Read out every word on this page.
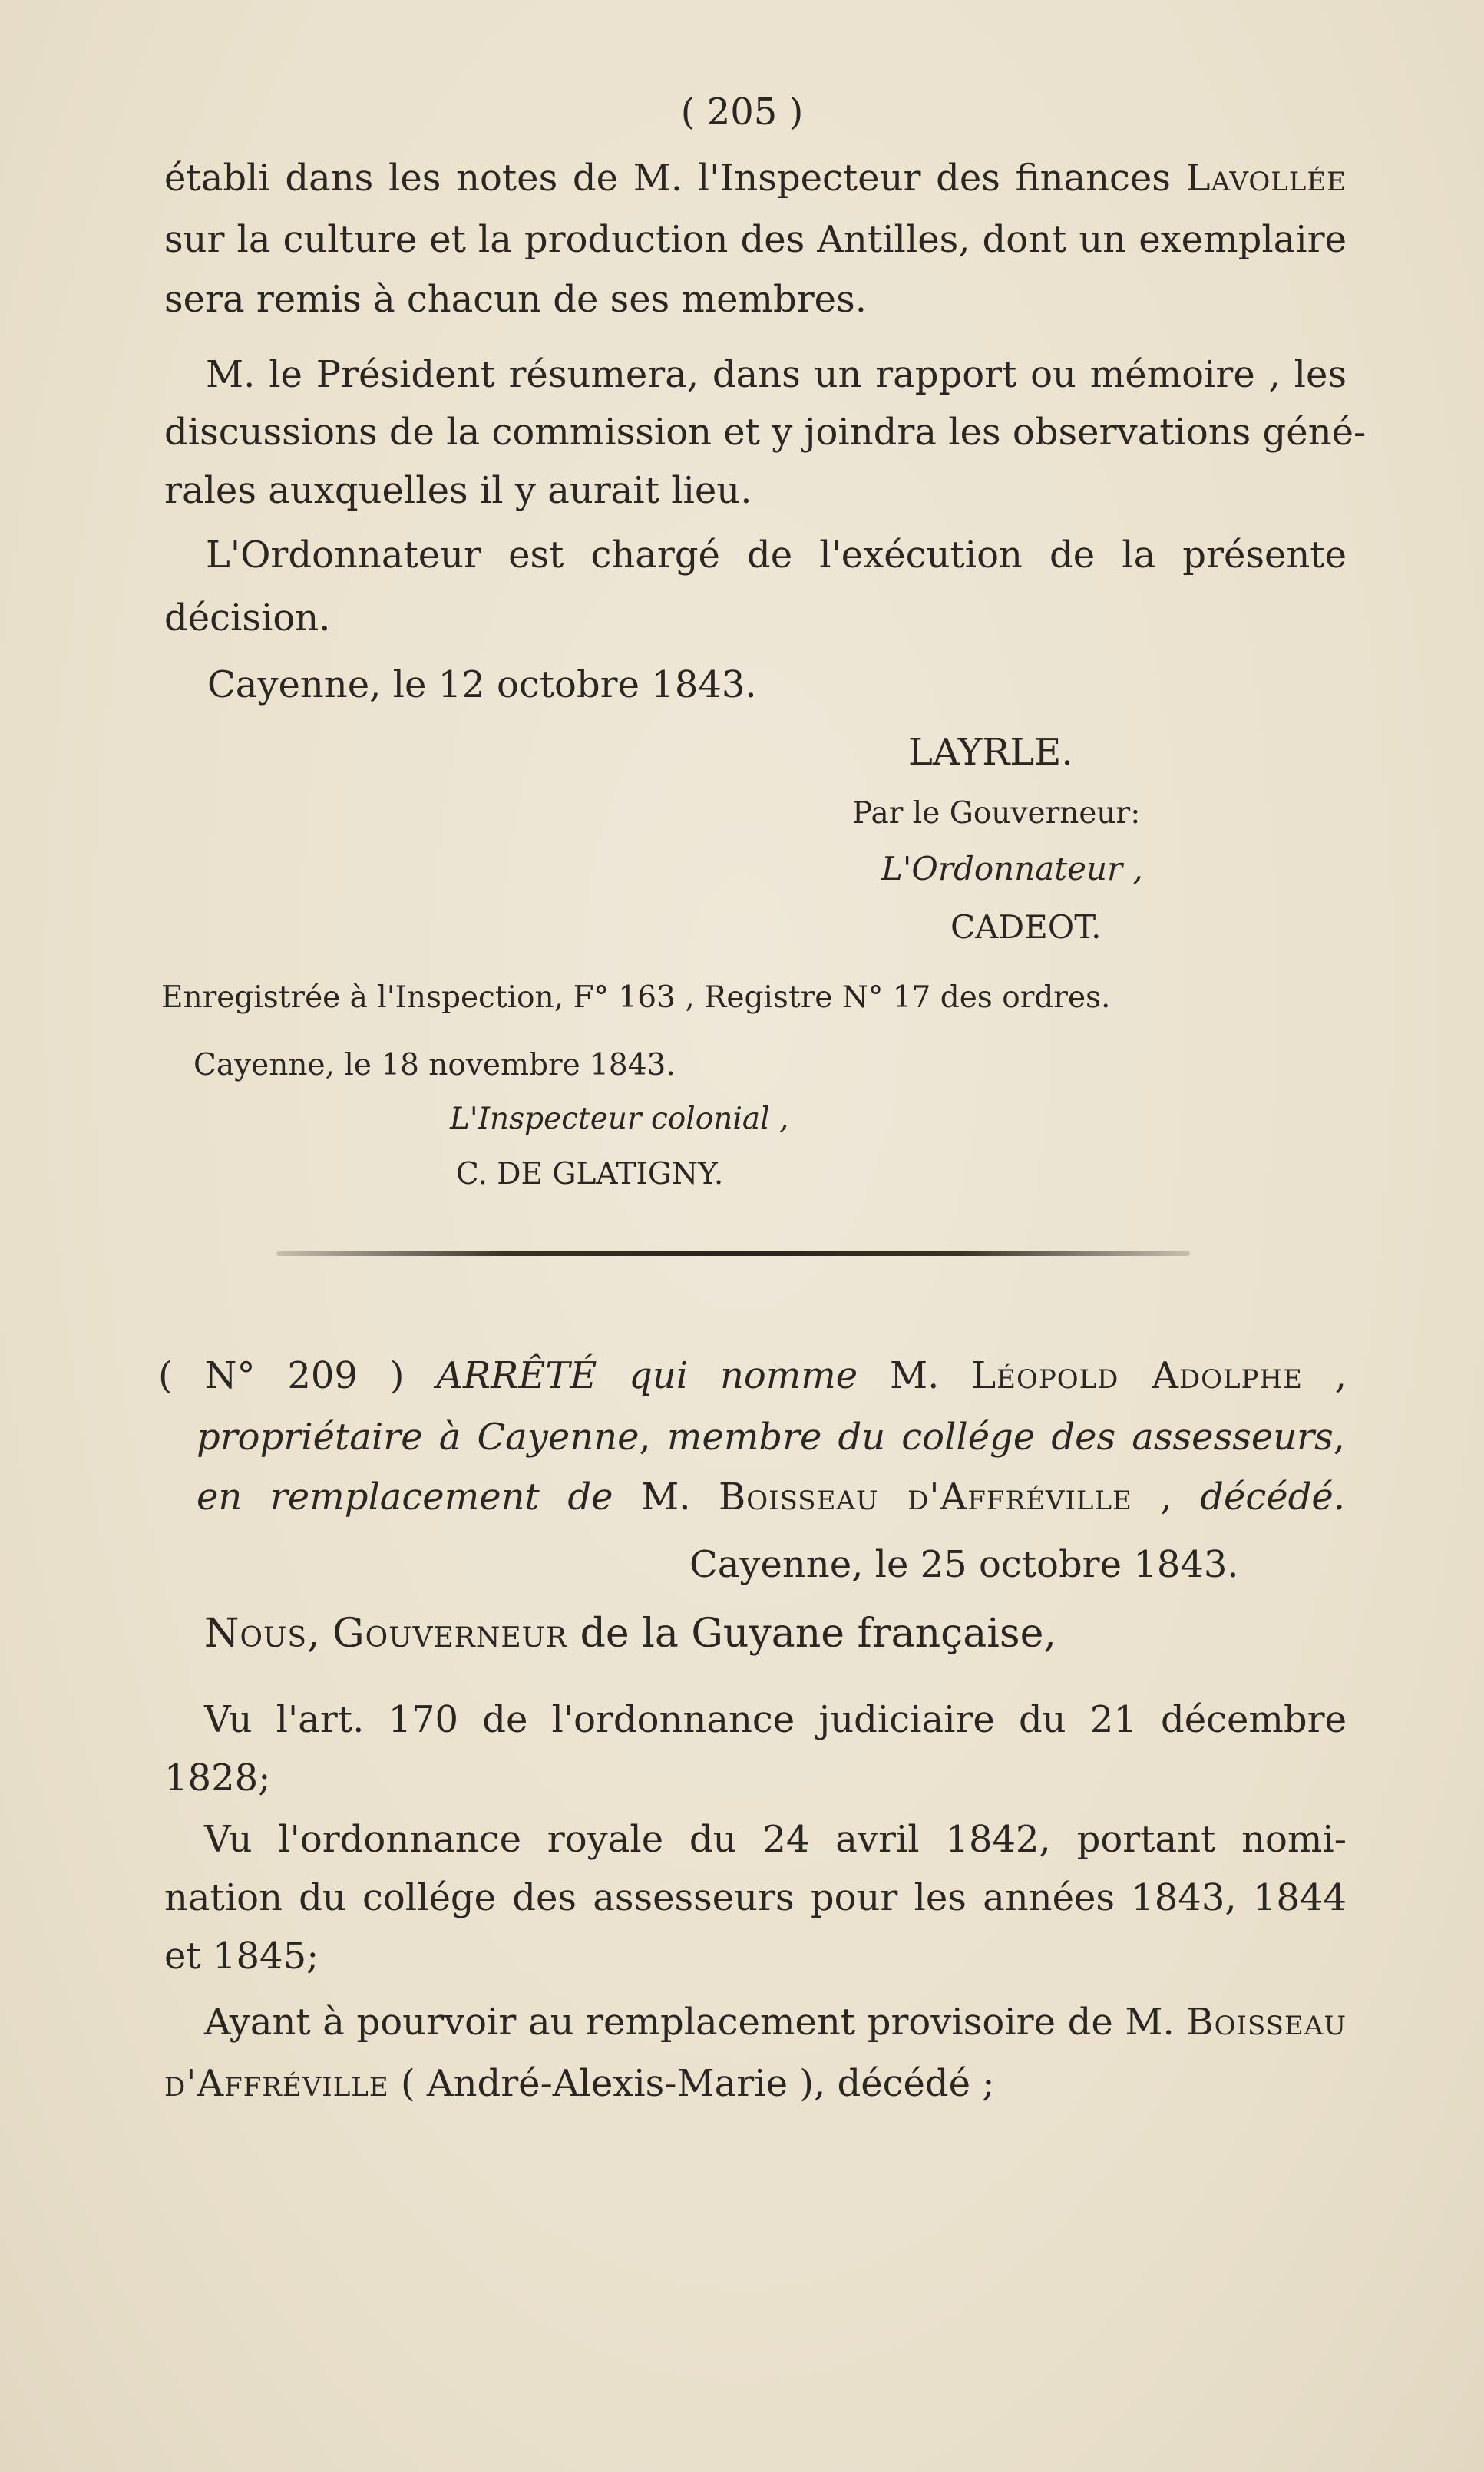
( 205 )
établi dans les notes de M. l'Inspecteur des finances Lavollée
sur la culture et la production des Antilles, dont un exemplaire
sera remis à chacun de ses membres.
M. le Président résumera, dans un rapport ou mémoire , les
discussions de la commission et y joindra les observations géné-
rales auxquelles il y aurait lieu.
L'Ordonnateur est chargé de l'exécution de la présente
décision.
Cayenne, le 12 octobre 1843.
LAYRLE.
Par le Gouverneur:
L'Ordonnateur ,
CADEOT.
Enregistrée à l'Inspection, F° 163 , Registre N° 17 des ordres.
Cayenne, le 18 novembre 1843.
L'Inspecteur colonial ,
C. DE GLATIGNY.
( N° 209 ) ARRÊTÉ qui nomme M. Léopold Adolphe ,
propriétaire à Cayenne, membre du collége des assesseurs,
en remplacement de M. Boisseau d'Affréville , décédé.
Cayenne, le 25 octobre 1843.
Nous, Gouverneur de la Guyane française,
Vu l'art. 170 de l'ordonnance judiciaire du 21 décembre
1828;
Vu l'ordonnance royale du 24 avril 1842, portant nomi-
nation du collége des assesseurs pour les années 1843, 1844
et 1845;
Ayant à pourvoir au remplacement provisoire de M. Boisseau
d'Affréville ( André-Alexis-Marie ), décédé ;
